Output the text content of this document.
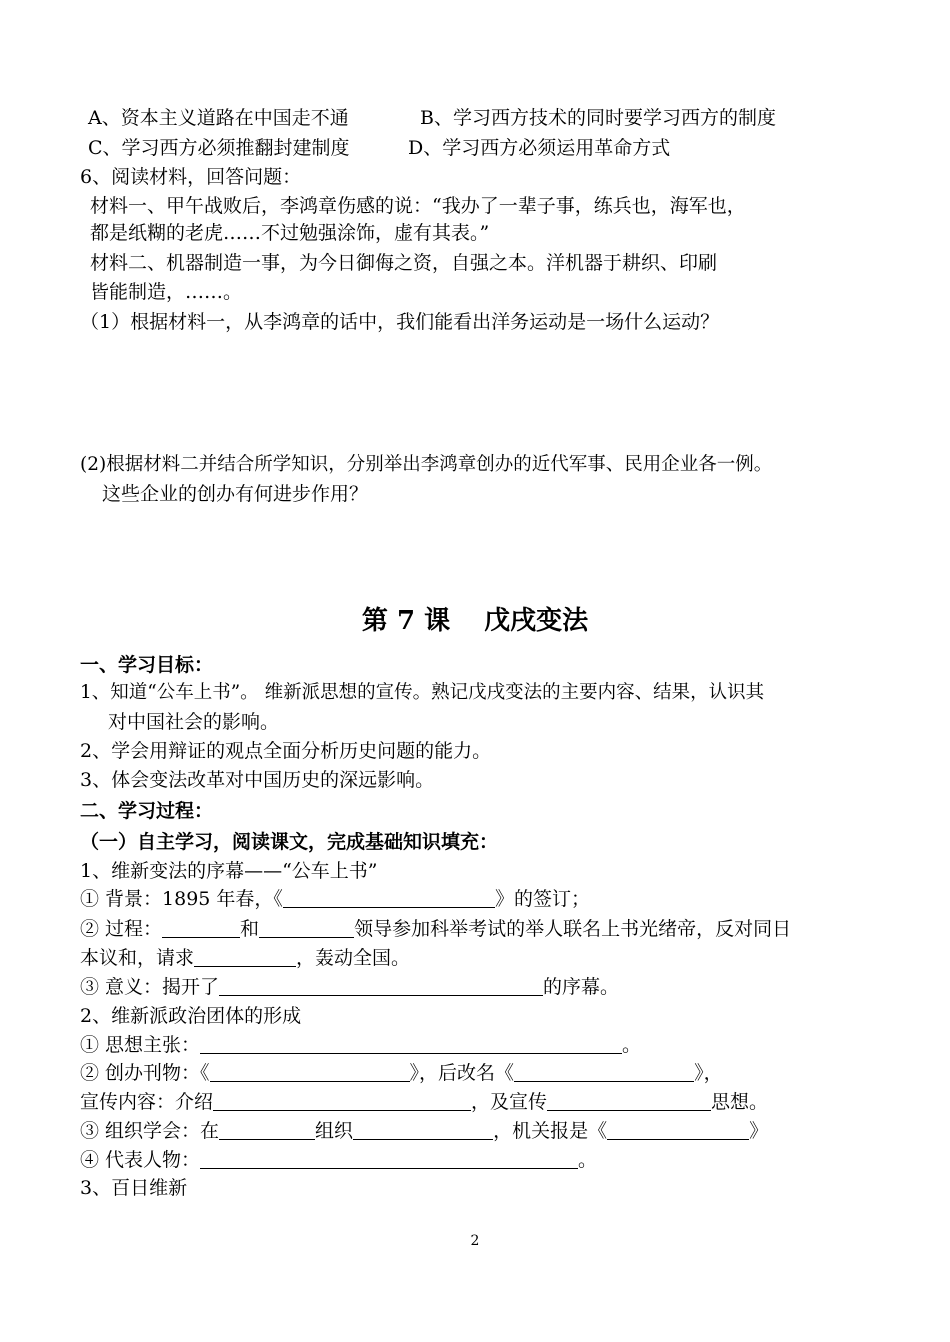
A、资本主义道路在中国走不通	B、学习西方技术的同时要学习西方的制度
C、学习西方必须推翻封建制度	D、学习西方必须运用革命方式
6、阅读材料，回答问题：
材料一、甲午战败后，李鸿章伤感的说：“我办了一辈子事，练兵也，海军也，
都是纸糊的老虎……不过勉强涂饰，虚有其表。”
材料二、机器制造一事，为今日御侮之资，自强之本。洋机器于耕织、印刷
皆能制造，……。
（1）根据材料一，从李鸿章的话中，我们能看出洋务运动是一场什么运动？
(2)根据材料二并结合所学知识，分别举出李鸿章创办的近代军事、民用企业各一例。
这些企业的创办有何进步作用？
第 7 课 戊戌变法
一、学习目标：
1、知道“公车上书”。 维新派思想的宣传。熟记戊戌变法的主要内容、结果，认识其
对中国社会的影响。
2、学会用辩证的观点全面分析历史问题的能力。
3、体会变法改革对中国历史的深远影响。
二、学习过程：
（一）自主学习，阅读课文，完成基础知识填充：
1、维新变法的序幕——“公车上书”
① 背景：1895 年春，《	》的签订；
② 过程：	和	领导参加科举考试的举人联名上书光绪帝，反对同日
本议和，请求	，轰动全国。
③ 意义：揭开了	的序幕。
2、维新派政治团体的形成
① 思想主张：	。
② 创办刊物：《	》，后改名《	》，
宣传内容：介绍	，及宣传	思想。
③ 组织学会：在	组织	，机关报是《	》
④ 代表人物：	。
3、百日维新
2
